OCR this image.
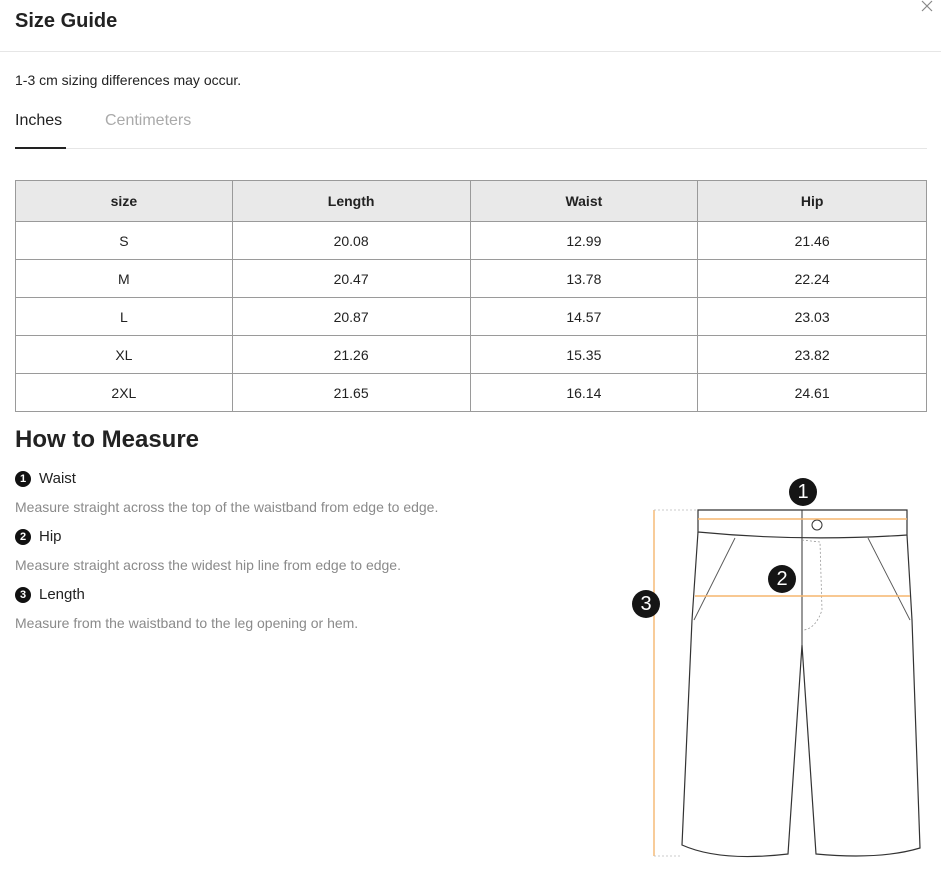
Size Guide
1-3 cm sizing differences may occur.
Inches	Centimeters
size	Length	Waist	Hip
S	20.08	12.99	21.46
M	20.47	13.78	22.24
L	20.87	14.57	23.03
XL	21.26	15.35	23.82
2XL	21.65	16.14	24.61
How to Measure
1 Waist
Measure straight across the top of the waistband from edge to edge.
2 Hip
Measure straight across the widest hip line from edge to edge.
3 Length
Measure from the waistband to the leg opening or hem.
1
2
3
